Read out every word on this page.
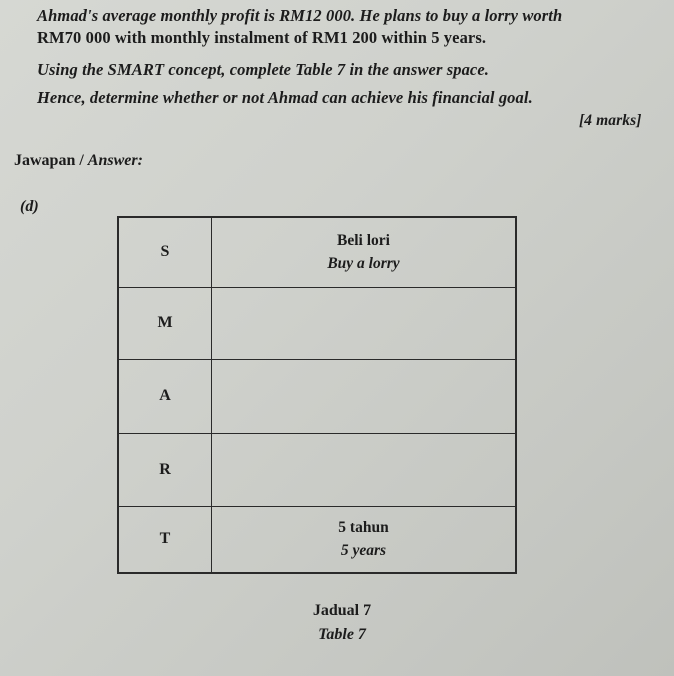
Ahmad's average monthly profit is RM12 000. He plans to buy a lorry worth
RM70 000 with monthly instalment of RM1 200 within 5 years.
Using the SMART concept, complete Table 7 in the answer space.
Hence, determine whether or not Ahmad can achieve his financial goal.
[4 marks]
Jawapan / Answer:
(d)
S	Beli lori
Buy a lorry

M	

A	

R	

T	5 tahun
5 years
Jadual 7
Table 7
